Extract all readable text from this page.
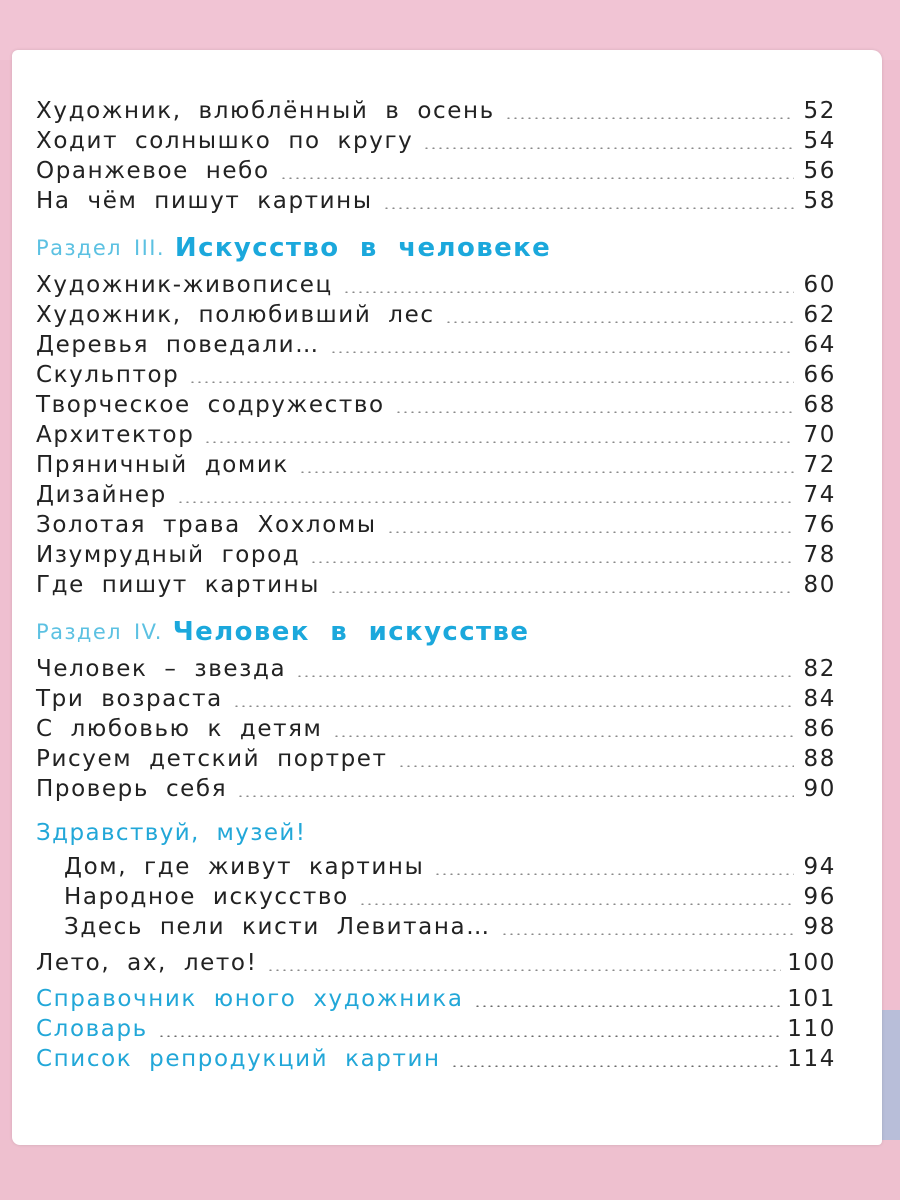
Художник, влюблённый в осень	52
Ходит солнышко по кругу	54
Оранжевое небо	56
На чём пишут картины	58
Раздел III. Искусство в человеке
Художник-живописец	60
Художник, полюбивший лес	62
Деревья поведали…	64
Скульптор	66
Творческое содружество	68
Архитектор	70
Пряничный домик	72
Дизайнер	74
Золотая трава Хохломы	76
Изумрудный город	78
Где пишут картины	80
Раздел IV. Человек в искусстве
Человек – звезда	82
Три возраста	84
С любовью к детям	86
Рисуем детский портрет	88
Проверь себя	90
Здравствуй, музей!
Дом, где живут картины	94
Народное искусство	96
Здесь пели кисти Левитана…	98
Лето, ах, лето!	100
Справочник юного художника	101
Словарь	110
Список репродукций картин	114
